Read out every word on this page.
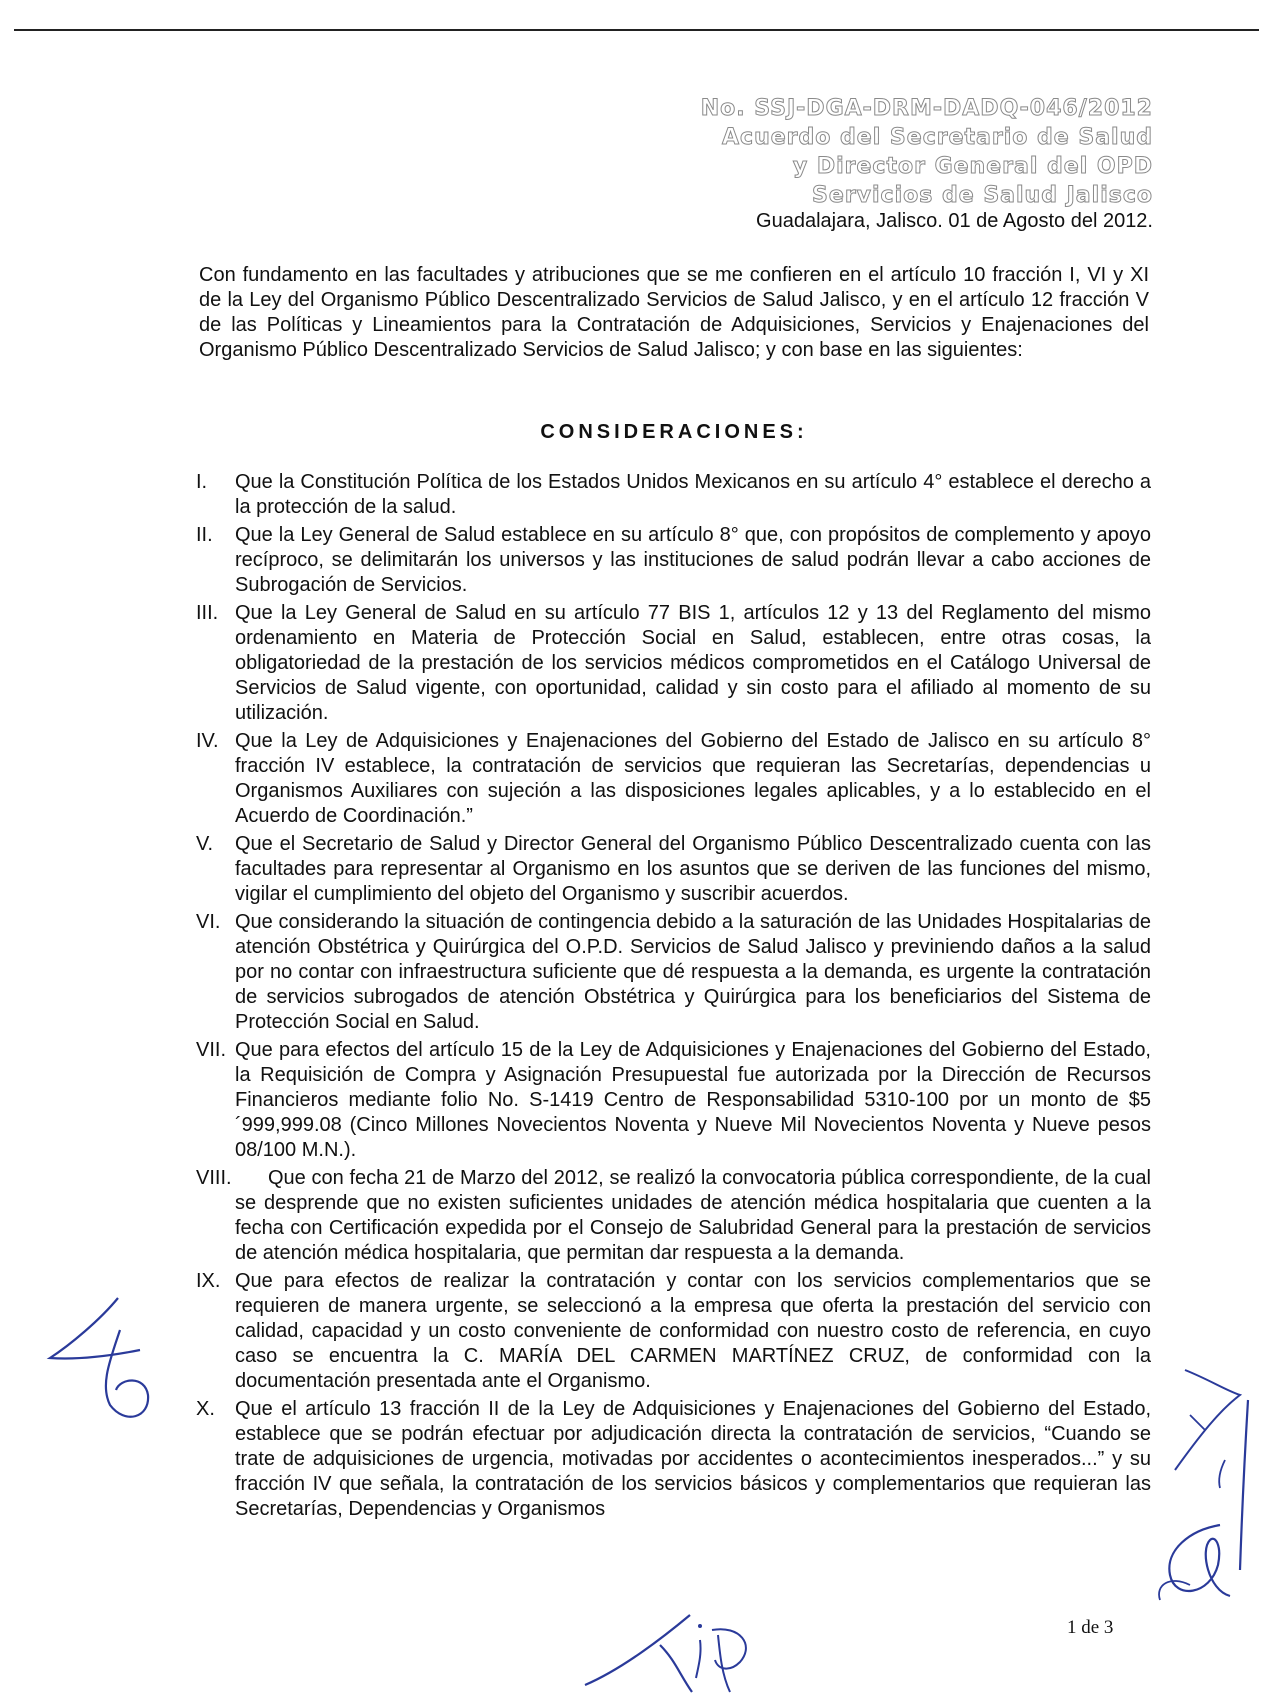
No. SSJ-DGA-DRM-DADQ-046/2012
Acuerdo del Secretario de Salud
y Director General del OPD
Servicios de Salud Jalisco
Guadalajara, Jalisco. 01 de Agosto del 2012.

Con fundamento en las facultades y atribuciones que se me confieren en el artículo 10 fracción I, VI y XI de la Ley del Organismo Público Descentralizado Servicios de Salud Jalisco, y en el artículo 12 fracción V de las Políticas y Lineamientos para la Contratación de Adquisiciones, Servicios y Enajenaciones del Organismo Público Descentralizado Servicios de Salud Jalisco; y con base en las siguientes:

CONSIDERACIONES:
I. Que la Constitución Política de los Estados Unidos Mexicanos en su artículo 4° establece el derecho a la protección de la salud.
II. Que la Ley General de Salud establece en su artículo 8° que, con propósitos de complemento y apoyo recíproco, se delimitarán los universos y las instituciones de salud podrán llevar a cabo acciones de Subrogación de Servicios.
III. Que la Ley General de Salud en su artículo 77 BIS 1, artículos 12 y 13 del Reglamento del mismo ordenamiento en Materia de Protección Social en Salud, establecen, entre otras cosas, la obligatoriedad de la prestación de los servicios médicos comprometidos en el Catálogo Universal de Servicios de Salud vigente, con oportunidad, calidad y sin costo para el afiliado al momento de su utilización.
IV. Que la Ley de Adquisiciones y Enajenaciones del Gobierno del Estado de Jalisco en su artículo 8° fracción IV establece, la contratación de servicios que requieran las Secretarías, dependencias u Organismos Auxiliares con sujeción a las disposiciones legales aplicables, y a lo establecido en el Acuerdo de Coordinación.”
V. Que el Secretario de Salud y Director General del Organismo Público Descentralizado cuenta con las facultades para representar al Organismo en los asuntos que se deriven de las funciones del mismo, vigilar el cumplimiento del objeto del Organismo y suscribir acuerdos.
VI. Que considerando la situación de contingencia debido a la saturación de las Unidades Hospitalarias de atención Obstétrica y Quirúrgica del O.P.D. Servicios de Salud Jalisco y previniendo daños a la salud por no contar con infraestructura suficiente que dé respuesta a la demanda, es urgente la contratación de servicios subrogados de atención Obstétrica y Quirúrgica para los beneficiarios del Sistema de Protección Social en Salud.
VII. Que para efectos del artículo 15 de la Ley de Adquisiciones y Enajenaciones del Gobierno del Estado, la Requisición de Compra y Asignación Presupuestal fue autorizada por la Dirección de Recursos Financieros mediante folio No. S-1419 Centro de Responsabilidad 5310-100 por un monto de $5´999,999.08 (Cinco Millones Novecientos Noventa y Nueve Mil Novecientos Noventa y Nueve pesos 08/100 M.N.).
VIII.	Que con fecha 21 de Marzo del 2012, se realizó la convocatoria pública correspondiente, de la cual se desprende que no existen suficientes unidades de atención médica hospitalaria que cuenten a la fecha con Certificación expedida por el Consejo de Salubridad General para la prestación de servicios de atención médica hospitalaria, que permitan dar respuesta a la demanda.
IX. Que para efectos de realizar la contratación y contar con los servicios complementarios que se requieren de manera urgente, se seleccionó a la empresa que oferta la prestación del servicio con calidad, capacidad y un costo conveniente de conformidad con nuestro costo de referencia, en cuyo caso se encuentra la C. MARÍA DEL CARMEN MARTÍNEZ CRUZ, de conformidad con la documentación presentada ante el Organismo.
X. Que el artículo 13 fracción II de la Ley de Adquisiciones y Enajenaciones del Gobierno del Estado, establece que se podrán efectuar por adjudicación directa la contratación de servicios, “Cuando se trate de adquisiciones de urgencia, motivadas por accidentes o acontecimientos inesperados...” y su fracción IV que señala, la contratación de los servicios básicos y complementarios que requieran las Secretarías, Dependencias y Organismos
1 de 3
